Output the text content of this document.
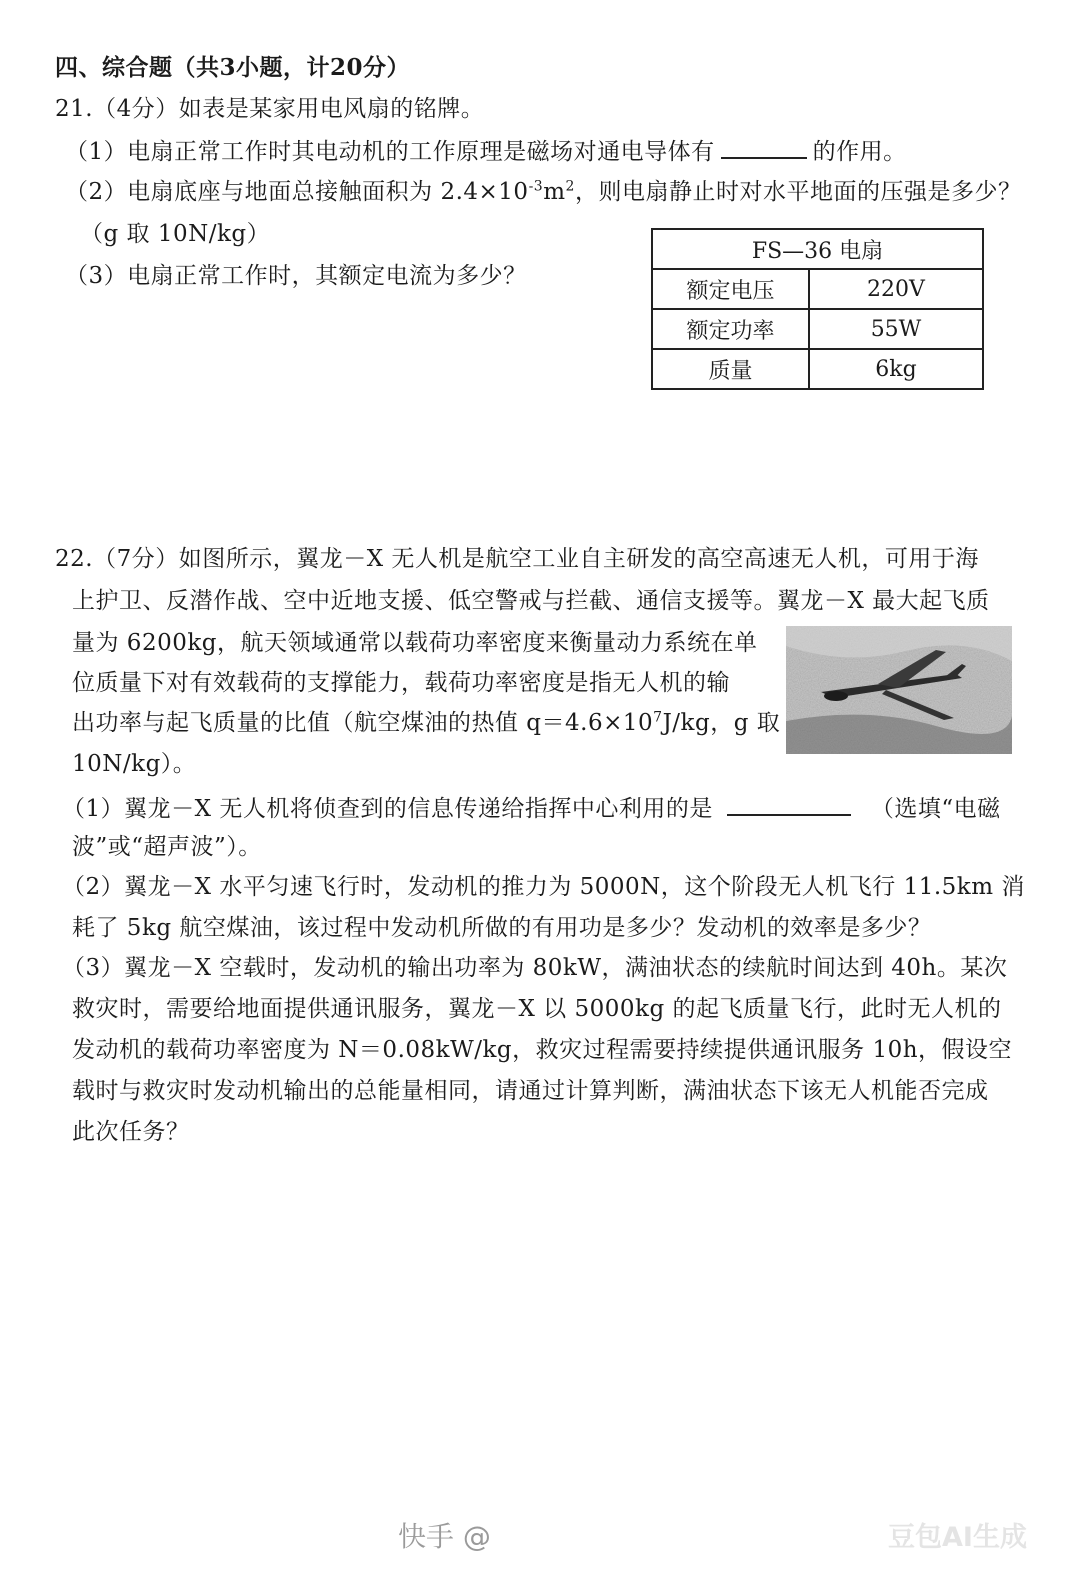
四、综合题（共3小题，计20分）
21.（4分）如表是某家用电风扇的铭牌。
（1）电扇正常工作时其电动机的工作原理是磁场对通电导体有	的作用。
（2）电扇底座与地面总接触面积为 $2.4\times 10^{-3}m^2$，则电扇静止时对水平地面的压强是多少？
（g 取 10N/kg）
（3）电扇正常工作时，其额定电流为多少？
FS—36 电扇	
额定电压	220V
额定功率	55W
质量	6kg
22.（7分）如图所示，翼龙－X 无人机是航空工业自主研发的高空高速无人机，可用于海
上护卫、反潜作战、空中近地支援、低空警戒与拦截、通信支援等。翼龙－X 最大起飞质
量为 6200kg，航天领域通常以载荷功率密度来衡量动力系统在单
位质量下对有效载荷的支撑能力，载荷功率密度是指无人机的输
出功率与起飞质量的比值（航空煤油的热值 $q=4.6\times 10^7J/kg$，g 取
10N/kg）。
（1）翼龙－X 无人机将侦查到的信息传递给指挥中心利用的是	（选填“电磁
波”或“超声波”）。
（2）翼龙－X 水平匀速飞行时，发动机的推力为 5000N，这个阶段无人机飞行 11.5km 消
耗了 5kg 航空煤油，该过程中发动机所做的有用功是多少？发动机的效率是多少？
（3）翼龙－X 空载时，发动机的输出功率为 80kW，满油状态的续航时间达到 40h。某次
救灾时，需要给地面提供通讯服务，翼龙－X 以 5000kg 的起飞质量飞行，此时无人机的
发动机的载荷功率密度为 N＝0.08kW/kg，救灾过程需要持续提供通讯服务 10h，假设空
载时与救灾时发动机输出的总能量相同，请通过计算判断，满油状态下该无人机能否完成
此次任务？
快手 @	豆包AI生成
